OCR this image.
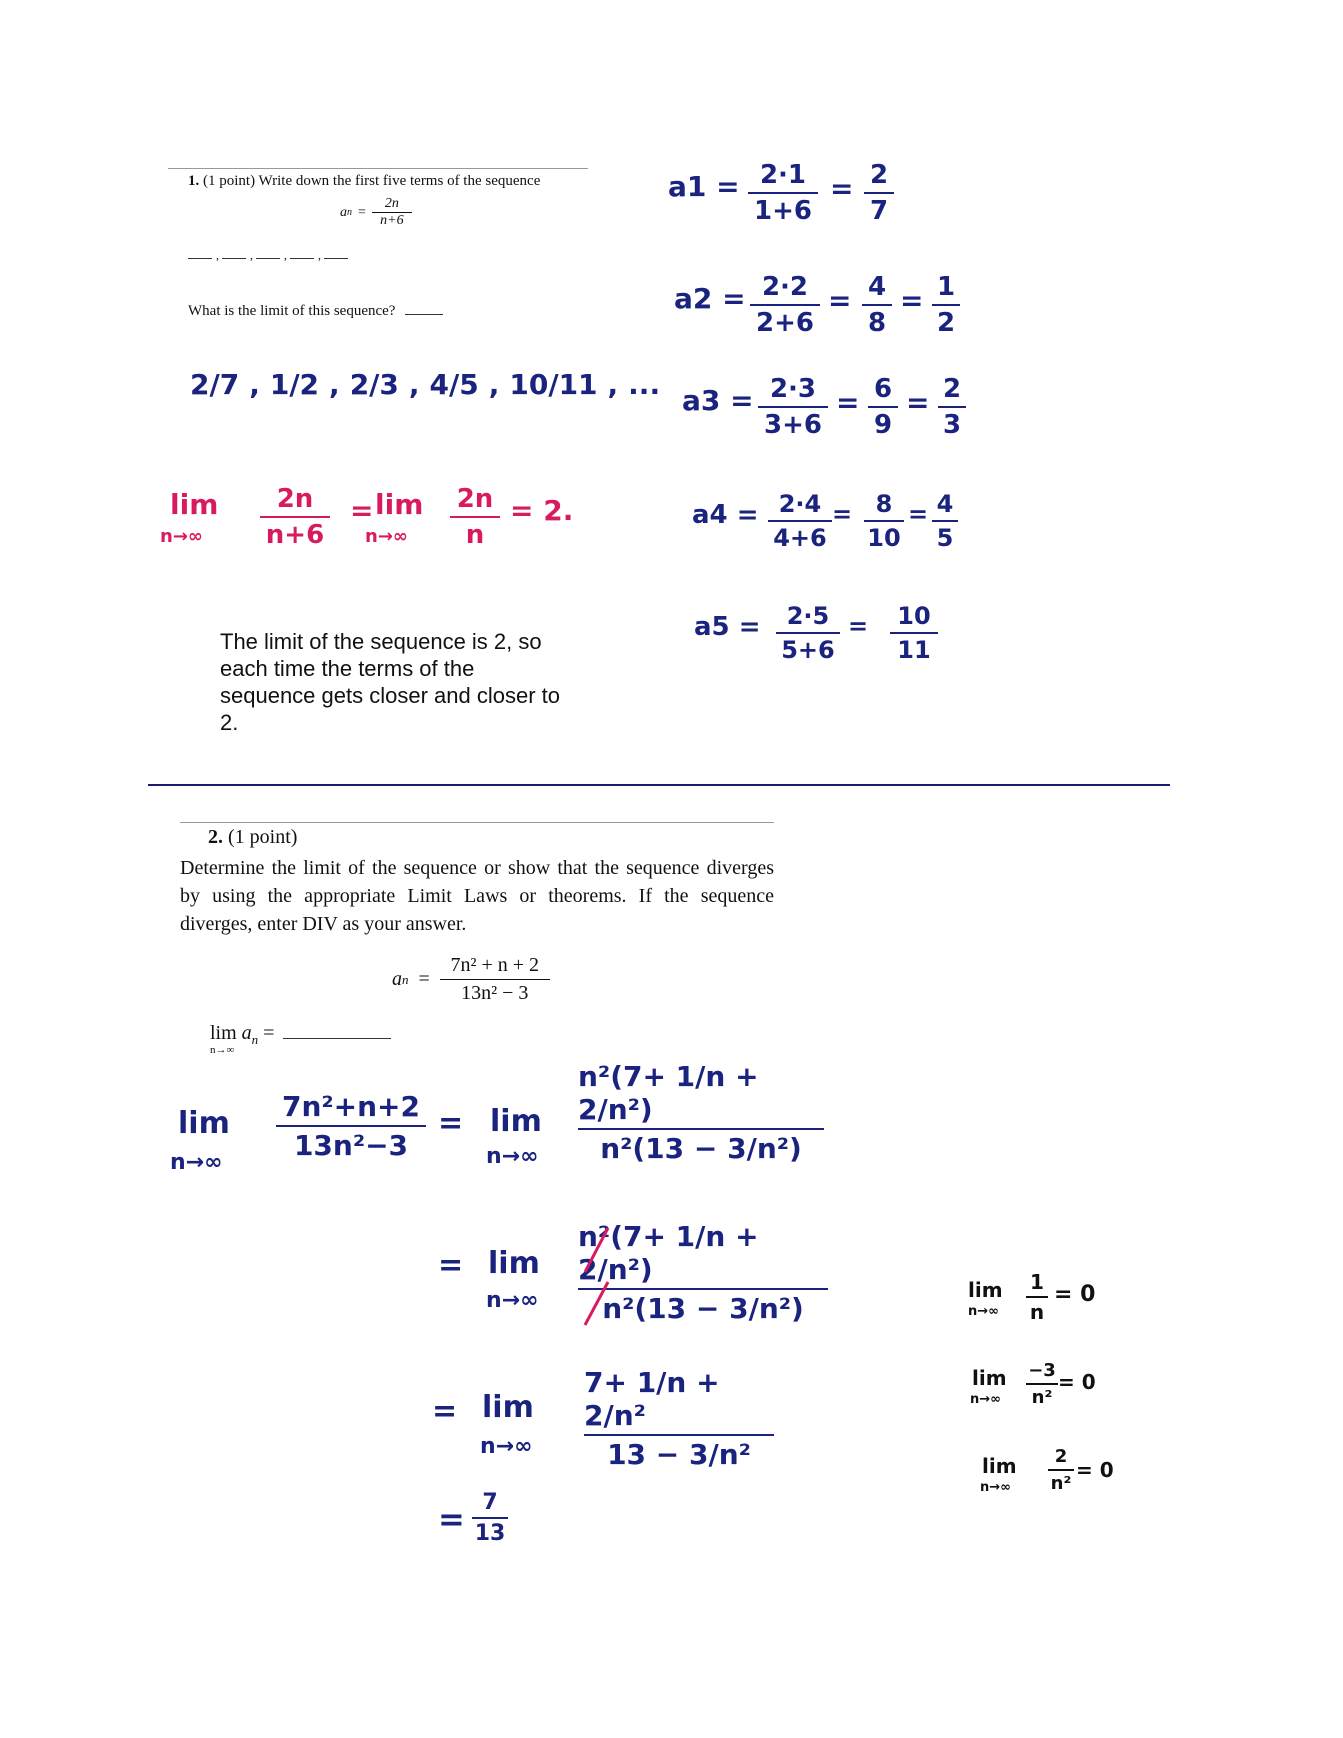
1. (1 point) Write down the first five terms of the sequence
a n =
2n
n+6
,	,	,	,
What is the limit of this sequence?
2/7 , 1/2 , 2/3 , 4/5 , 10/11 , ...
lim
n→∞
2n
n+6
= lim
n→∞
2n
n
= 2.
The limit of the sequence is 2, so each time the terms of the sequence gets closer and closer to 2.
a1 = 2·1
1+6
= 2
7
a2 = 2·2
2+6
= 4
8
= 1
2
a3 = 2·3
3+6
= 6
9
= 2
3
a4 = 2·4
4+6
= 8
10
= 4
5
a5 = 2·5
5+6
= 10
11
2. (1 point)
Determine the limit of the sequence or show that the sequence diverges by using the appropriate Limit Laws or theorems. If the sequence diverges, enter DIV as your answer.
a n =
7n² + n + 2
13n² − 3
$\lim a_n$ =
n→∞
lim
n→∞
7n²+n+2
13n²−3
= lim
n→∞
n²(7+ 1/n + 2/n²)
n²(13 − 3/n²)
= lim
n→∞
n²(7+ 1/n + 2/n²)
n²(13 − 3/n²)
= lim
n→∞
7+ 1/n + 2/n²
13 − 3/n²
= 7
13
lim
n→∞
1
n
= 0
lim
n→∞
−3
n²
= 0
lim
n→∞
2
n²
= 0
